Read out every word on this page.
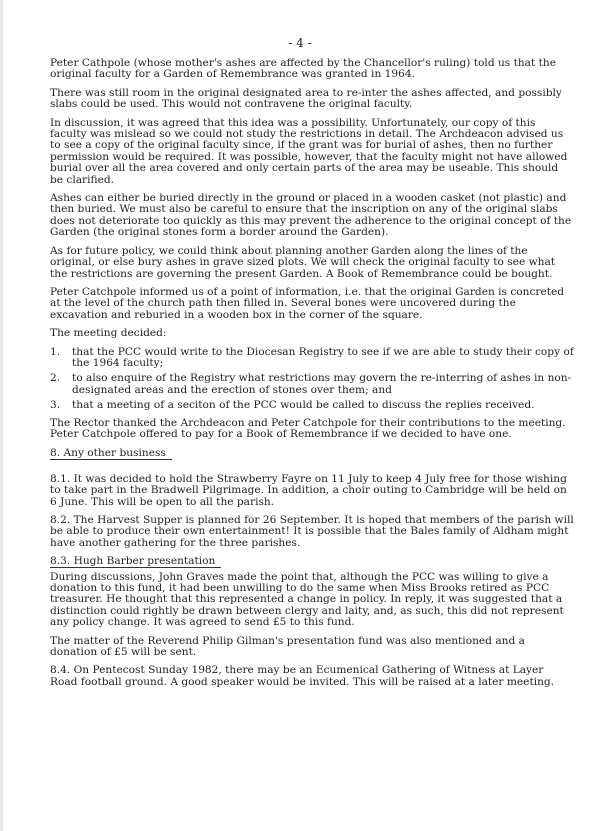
- 4 -

Peter Cathpole (whose mother's ashes are affected by the Chancellor's ruling) told us that the original faculty for a Garden of Remembrance was granted in 1964.

There was still room in the original designated area to re-inter the ashes affected, and possibly slabs could be used. This would not contravene the original faculty.

In discussion, it was agreed that this idea was a possibility. Unfortunately, our copy of this faculty was mislead so we could not study the restrictions in detail. The Archdeacon advised us to see a copy of the original faculty since, if the grant was for burial of ashes, then no further permission would be required. It was possible, however, that the faculty might not have allowed burial over all the area covered and only certain parts of the area may be useable. This should be clarified.

Ashes can either be buried directly in the ground or placed in a wooden casket (not plastic) and then buried. We must also be careful to ensure that the inscription on any of the original slabs does not deteriorate too quickly as this may prevent the adherence to the original concept of the Garden (the original stones form a border around the Garden).

As for future policy, we could think about planning another Garden along the lines of the original, or else bury ashes in grave sized plots. We will check the original faculty to see what the restrictions are governing the present Garden. A Book of Remembrance could be bought.

Peter Catchpole informed us of a point of information, i.e. that the original Garden is concreted at the level of the church path then filled in. Several bones were uncovered during the excavation and reburied in a wooden box in the corner of the square.

The meeting decided:

1. that the PCC would write to the Diocesan Registry to see if we are able to study their copy of the 1964 faculty;
2. to also enquire of the Registry what restrictions may govern the re-interring of ashes in non-designated areas and the erection of stones over them; and
3. that a meeting of a seciton of the PCC would be called to discuss the replies received.

The Rector thanked the Archdeacon and Peter Catchpole for their contributions to the meeting. Peter Catchpole offered to pay for a Book of Remembrance if we decided to have one.

8. Any other business

8.1. It was decided to hold the Strawberry Fayre on 11 July to keep 4 July free for those wishing to take part in the Bradwell Pilgrimage. In addition, a choir outing to Cambridge will be held on 6 June. This will be open to all the parish.

8.2. The Harvest Supper is planned for 26 September. It is hoped that members of the parish will be able to produce their own entertainment! It is possible that the Bales family of Aldham might have another gathering for the three parishes.

8.3. Hugh Barber presentation

During discussions, John Graves made the point that, although the PCC was willing to give a donation to this fund, it had been unwilling to do the same when Miss Brooks retired as PCC treasurer. He thought that this represented a change in policy. In reply, it was suggested that a distinction could rightly be drawn between clergy and laity, and, as such, this did not represent any policy change. It was agreed to send £5 to this fund.

The matter of the Reverend Philip Gilman's presentation fund was also mentioned and a donation of £5 will be sent.

8.4. On Pentecost Sunday 1982, there may be an Ecumenical Gathering of Witness at Layer Road football ground. A good speaker would be invited. This will be raised at a later meeting.
